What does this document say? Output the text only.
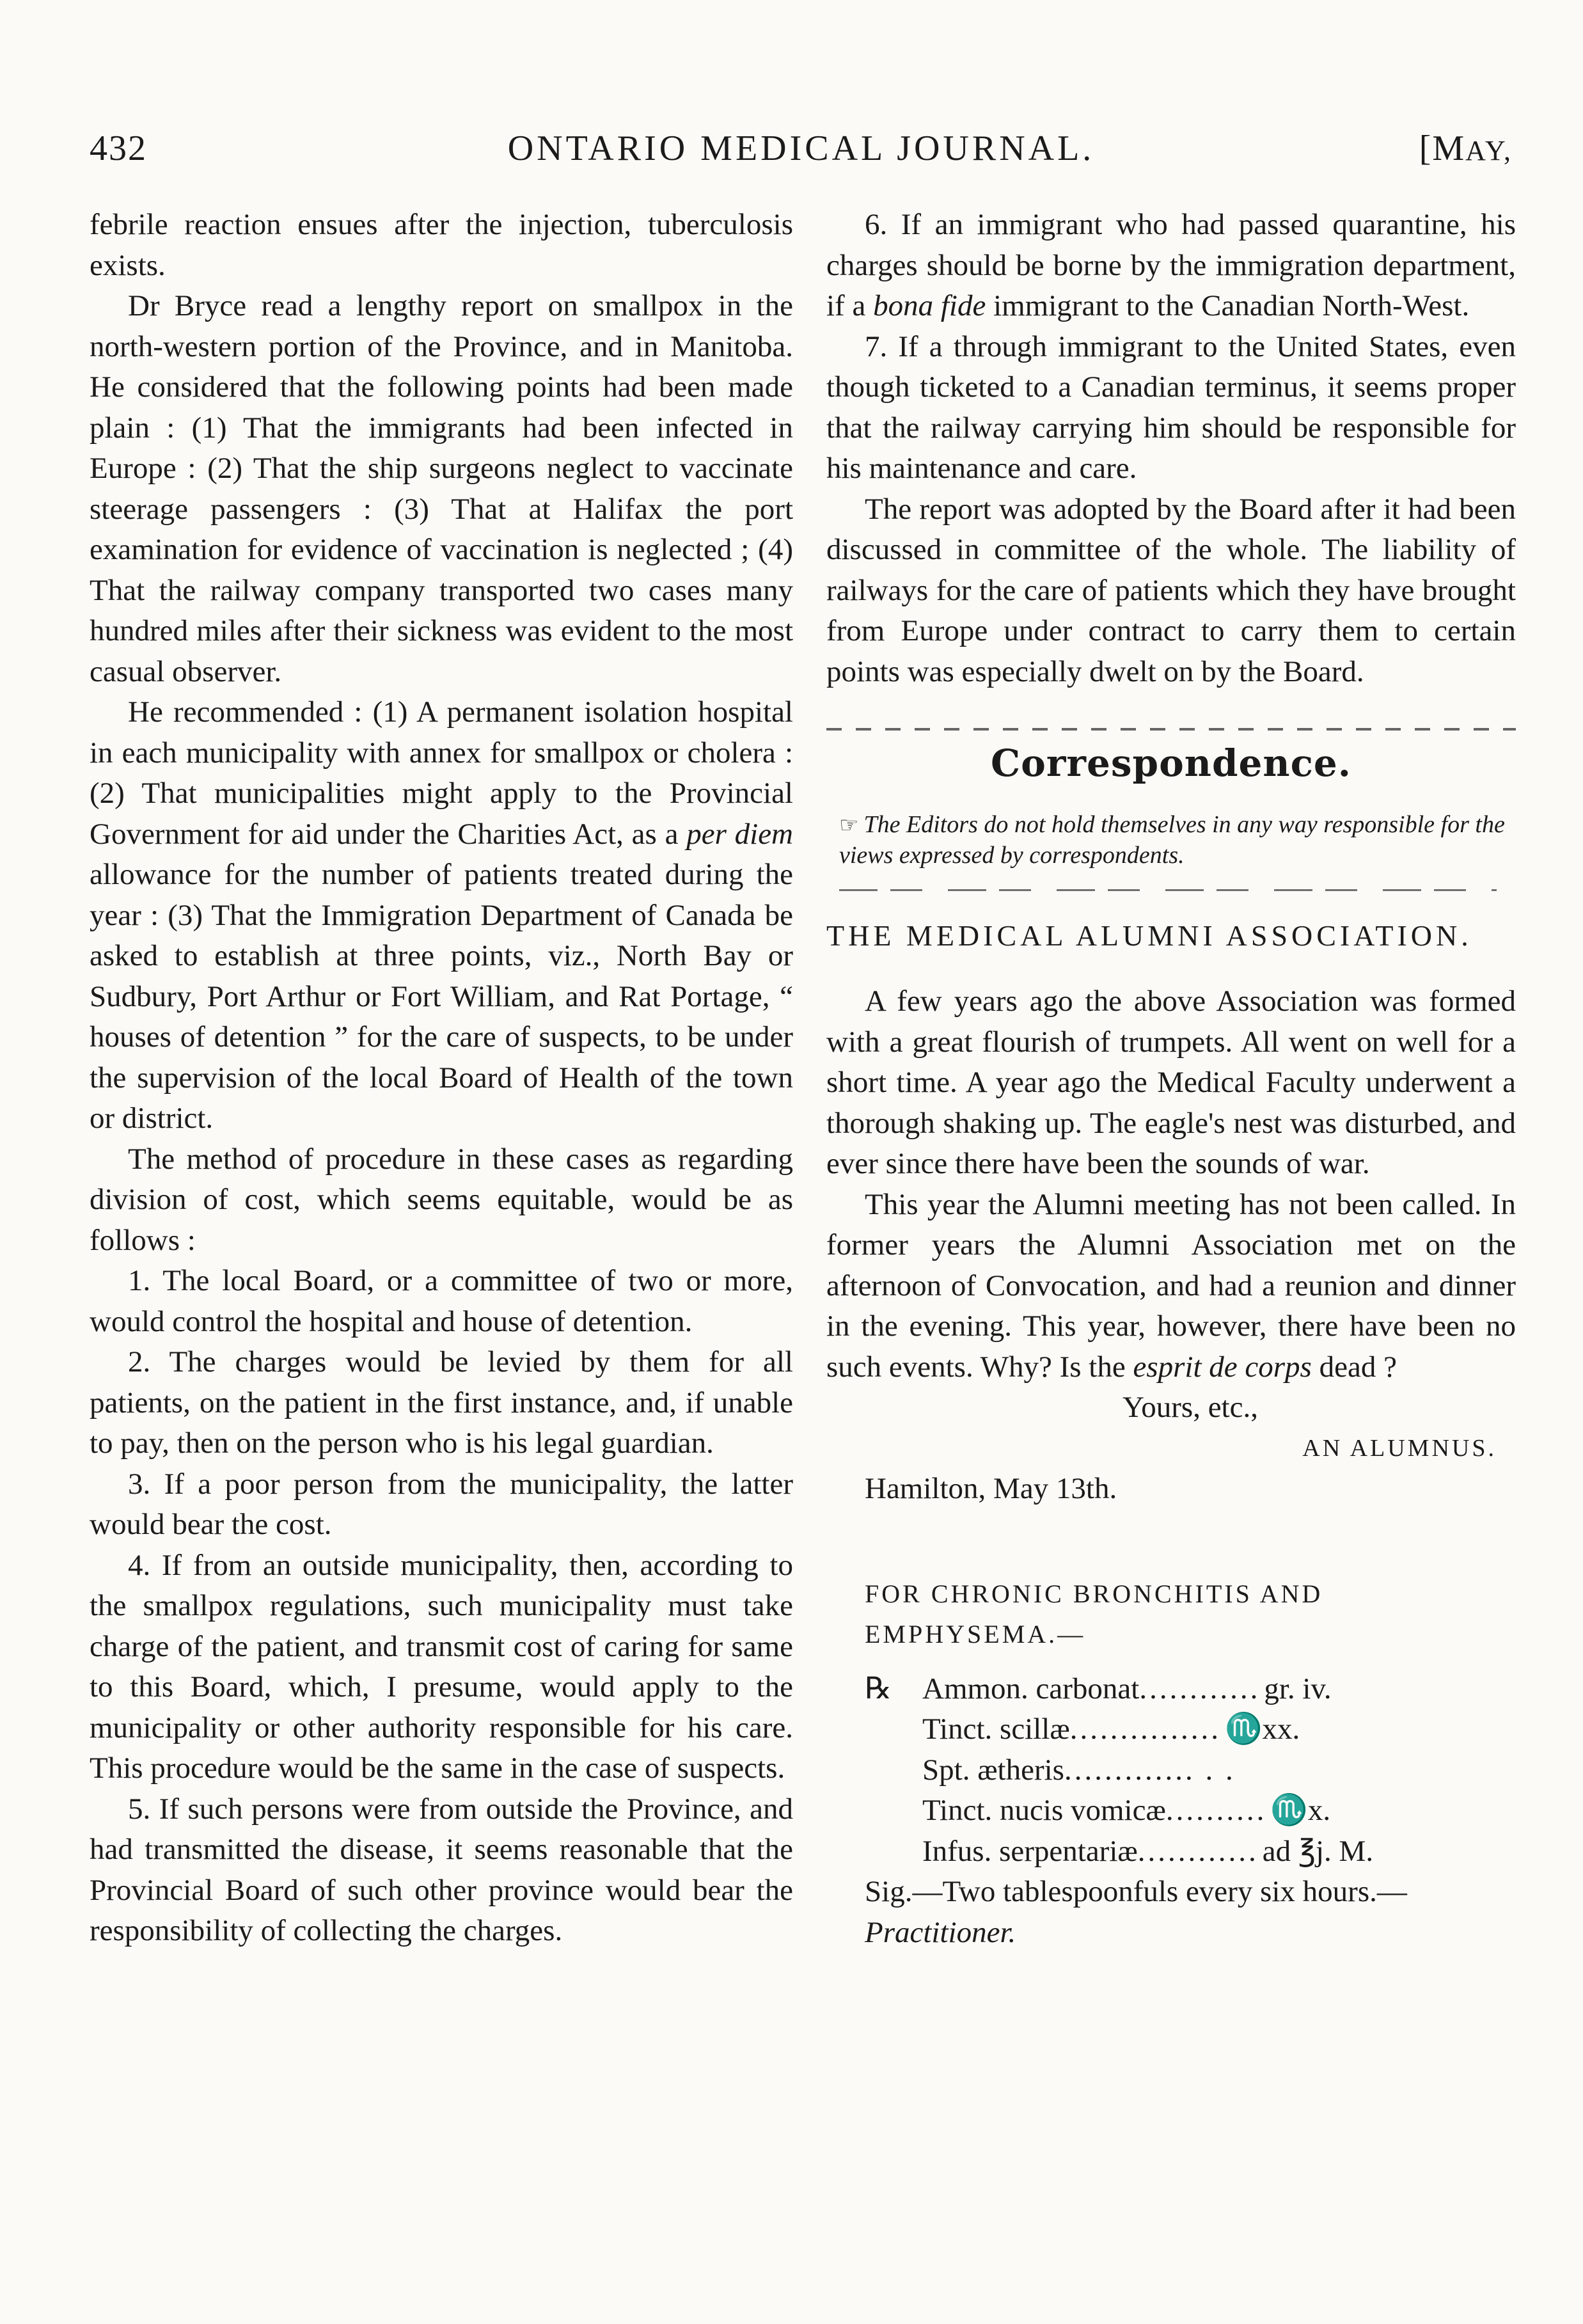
432	ONTARIO MEDICAL JOURNAL.	[MAY,

febrile reaction ensues after the injection, tuberculosis exists.

Dr Bryce read a lengthy report on smallpox in the north-western portion of the Province, and in Manitoba. He considered that the following points had been made plain : (1) That the immigrants had been infected in Europe : (2) That the ship surgeons neglect to vaccinate steerage passengers : (3) That at Halifax the port examination for evidence of vaccination is neglected ; (4) That the railway company transported two cases many hundred miles after their sickness was evident to the most casual observer.

He recommended : (1) A permanent isolation hospital in each municipality with annex for smallpox or cholera : (2) That municipalities might apply to the Provincial Government for aid under the Charities Act, as a per diem allowance for the number of patients treated during the year : (3) That the Immigration Department of Canada be asked to establish at three points, viz., North Bay or Sudbury, Port Arthur or Fort William, and Rat Portage, “ houses of detention ” for the care of suspects, to be under the supervision of the local Board of Health of the town or district.

The method of procedure in these cases as regarding division of cost, which seems equitable, would be as follows :

1. The local Board, or a committee of two or more, would control the hospital and house of detention.

2. The charges would be levied by them for all patients, on the patient in the first instance, and, if unable to pay, then on the person who is his legal guardian.

3. If a poor person from the municipality, the latter would bear the cost.

4. If from an outside municipality, then, according to the smallpox regulations, such municipality must take charge of the patient, and transmit cost of caring for same to this Board, which, I presume, would apply to the municipality or other authority responsible for his care. This procedure would be the same in the case of suspects.

5. If such persons were from outside the Province, and had transmitted the disease, it seems reasonable that the Provincial Board of such other province would bear the responsibility of collecting the charges.

6. If an immigrant who had passed quarantine, his charges should be borne by the immigration department, if a bona fide immigrant to the Canadian North-West.

7. If a through immigrant to the United States, even though ticketed to a Canadian terminus, it seems proper that the railway carrying him should be responsible for his maintenance and care.

The report was adopted by the Board after it had been discussed in committee of the whole. The liability of railways for the care of patients which they have brought from Europe under contract to carry them to certain points was especially dwelt on by the Board.

Correspondence.
☞ The Editors do not hold themselves in any way responsible for the views expressed by correspondents.
THE MEDICAL ALUMNI ASSOCIATION.

A few years ago the above Association was formed with a great flourish of trumpets. All went on well for a short time. A year ago the Medical Faculty underwent a thorough shaking up. The eagle's nest was disturbed, and ever since there have been the sounds of war.

This year the Alumni meeting has not been called. In former years the Alumni Association met on the afternoon of Convocation, and had a reunion and dinner in the evening. This year, however, there have been no such events. Why? Is the esprit de corps dead ?

Yours, etc.,

AN ALUMNUS.

Hamilton, May 13th.

FOR CHRONIC BRONCHITIS AND EMPHYSEMA.—
℞	Ammon. carbonat ............ gr. iv.
Tinct. scillæ ............... ♏xx.
Spt. ætheris ............. . .
Tinct. nucis vomicæ .......... ♏x.
Infus. serpentariæ ............ ad ℥j. M.

Sig.—Two tablespoonfuls every six hours.—

Practitioner.
